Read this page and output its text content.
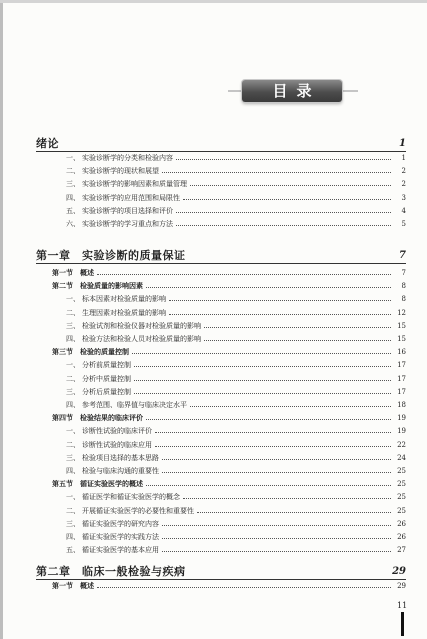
目录
绪论	1
一、 实验诊断学的分类和检验内容	1
二、 实验诊断学的现状和展望	2
三、 实验诊断学的影响因素和质量管理	2
四、 实验诊断学的应用范围和局限性	3
五、 实验诊断学的项目选择和评价	4
六、 实验诊断学的学习重点和方法	5
第一章　实验诊断的质量保证	7
第一节	概述	7
第二节	检验质量的影响因素	8
一、 标本因素对检验质量的影响	8
二、 生理因素对检验质量的影响	12
三、 检验试剂和检验仪器对检验质量的影响	15
四、 检验方法和检验人员对检验质量的影响	15
第三节	检验的质量控制	16
一、 分析前质量控制	17
二、 分析中质量控制	17
三、 分析后质量控制	17
四、 参考范围、临界值与临床决定水平	18
第四节	检验结果的临床评价	19
一、 诊断性试验的临床评价	19
二、 诊断性试验的临床应用	22
三、 检验项目选择的基本思路	24
四、 检验与临床沟通的重要性	25
第五节	循证实验医学的概述	25
一、 循证医学和循证实验医学的概念	25
二、 开展循证实验医学的必要性和重要性	25
三、 循证实验医学的研究内容	26
四、 循证实验医学的实践方法	26
五、 循证实验医学的基本应用	27
第二章　临床一般检验与疾病	29
第一节	概述	29
11
